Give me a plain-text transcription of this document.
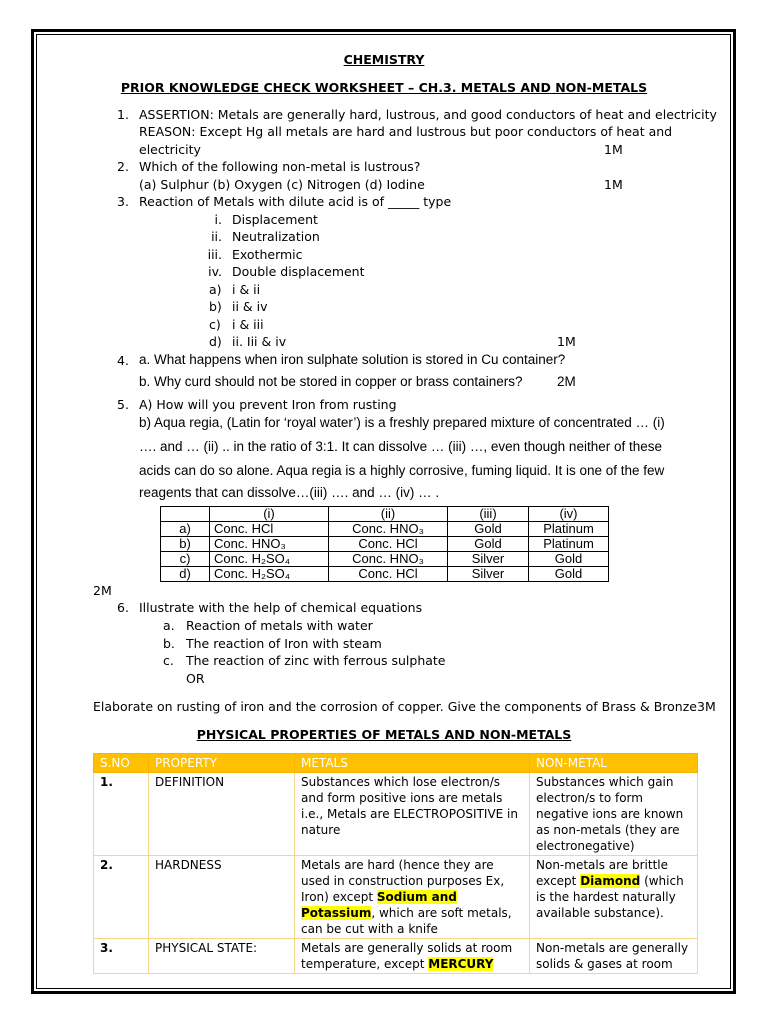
CHEMISTRY
PRIOR KNOWLEDGE CHECK WORKSHEET – CH.3. METALS AND NON-METALS
1. ASSERTION: Metals are generally hard, lustrous, and good conductors of heat and electricity
REASON: Except Hg all metals are hard and lustrous but poor conductors of heat and
electricity	1M
2. Which of the following non-metal is lustrous?
(a) Sulphur (b) Oxygen (c) Nitrogen (d) Iodine	1M
3. Reaction of Metals with dilute acid is of _____ type
i. Displacement
ii. Neutralization
iii. Exothermic
iv. Double displacement
a) i & ii
b) ii & iv
c) i & iii
d) ii. Iii & iv	1M
4. a. What happens when iron sulphate solution is stored in Cu container?
b. Why curd should not be stored in copper or brass containers?	2M
5. A) How will you prevent Iron from rusting
b) Aqua regia, (Latin for ‘royal water’) is a freshly prepared mixture of concentrated … (i)
…. and … (ii) .. in the ratio of 3:1. It can dissolve … (iii) …, even though neither of these
acids can do so alone. Aqua regia is a highly corrosive, fuming liquid. It is one of the few
reagents that can dissolve…(iii) …. and … (iv) … .
	(i)	(ii)	(iii)	(iv)
a)	Conc. HCl	Conc. HNO₃	Gold	Platinum
b)	Conc. HNO₃	Conc. HCl	Gold	Platinum
c)	Conc. H₂SO₄	Conc. HNO₃	Silver	Gold
d)	Conc. H₂SO₄	Conc. HCl	Silver	Gold
2M
6. Illustrate with the help of chemical equations
a. Reaction of metals with water
b. The reaction of Iron with steam
c. The reaction of zinc with ferrous sulphate
OR
Elaborate on rusting of iron and the corrosion of copper. Give the components of Brass & Bronze3M
PHYSICAL PROPERTIES OF METALS AND NON-METALS
S.NO	PROPERTY	METALS	NON-METAL
1.	DEFINITION	Substances which lose electron/s and form positive ions are metals i.e., Metals are ELECTROPOSITIVE in nature	Substances which gain electron/s to form negative ions are known as non-metals (they are electronegative)
2.	HARDNESS	Metals are hard (hence they are used in construction purposes Ex, Iron) except Sodium and Potassium, which are soft metals, can be cut with a knife	Non-metals are brittle except Diamond (which is the hardest naturally available substance).
3.	PHYSICAL STATE:	Metals are generally solids at room temperature, except MERCURY	Non-metals are generally solids & gases at room
